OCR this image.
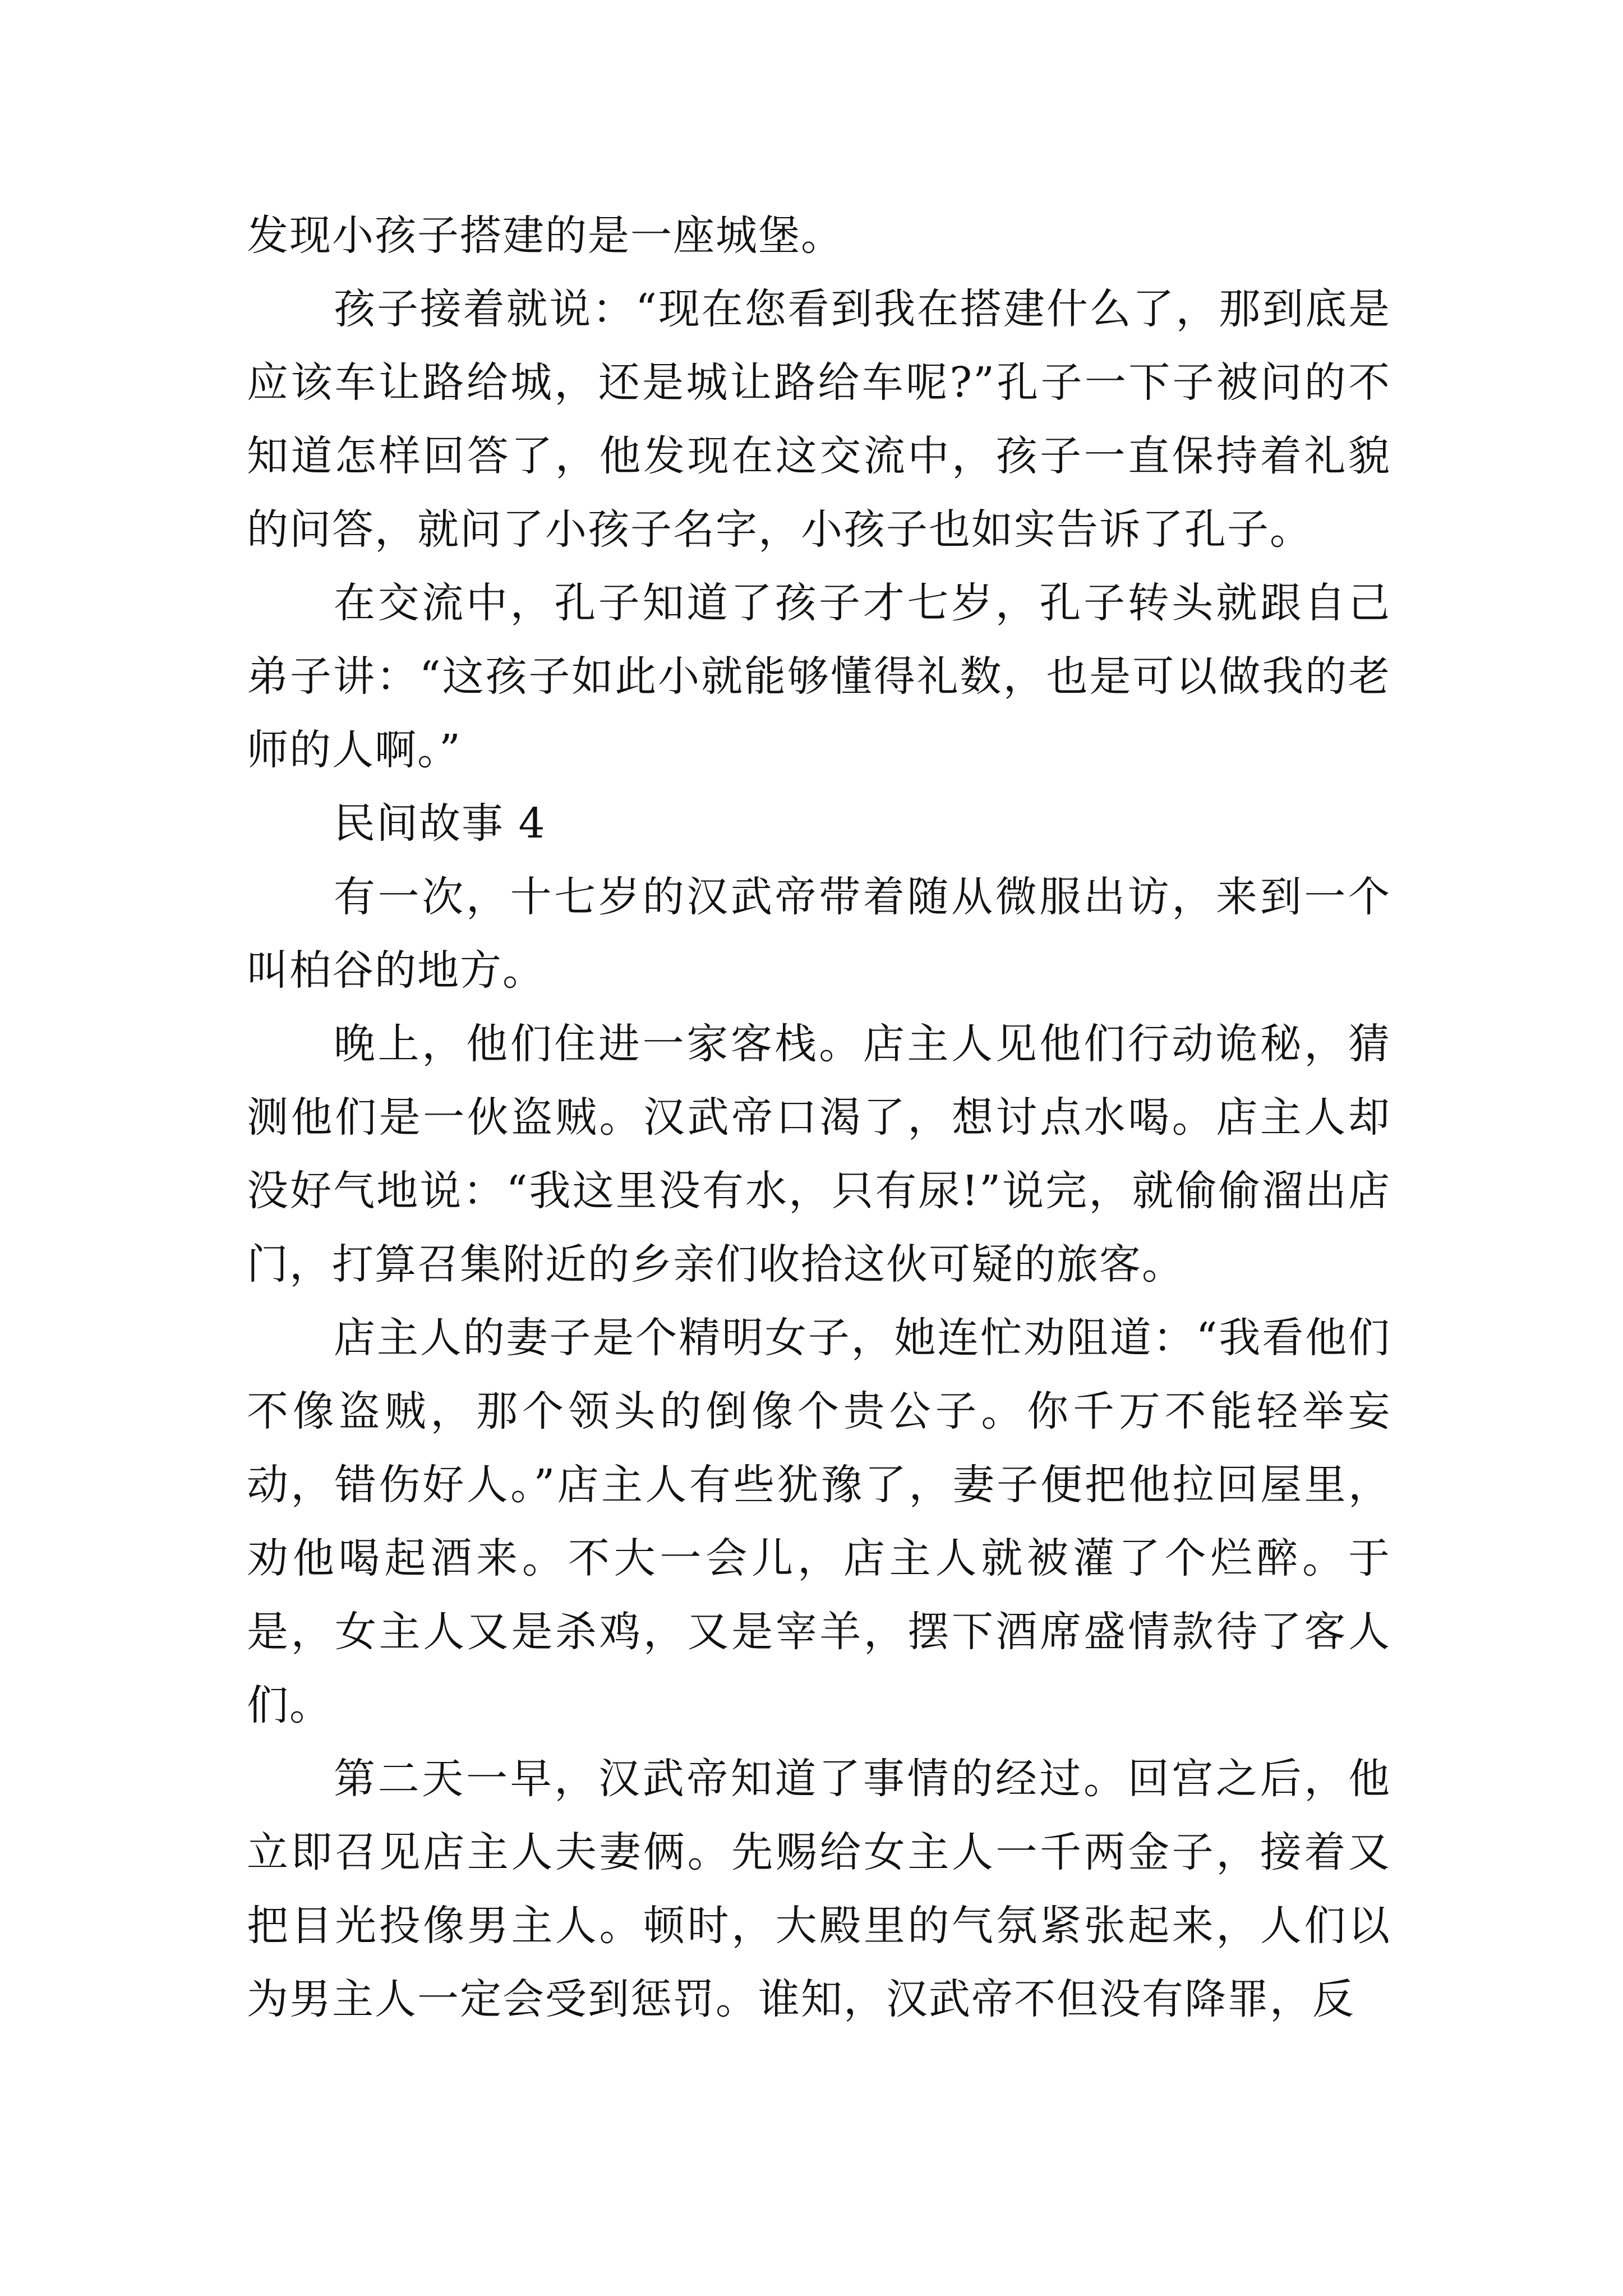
发现小孩子搭建的是一座城堡。

孩子接着就说：“现在您看到我在搭建什么了，那到底是应该车让路给城，还是城让路给车呢?”孔子一下子被问的不知道怎样回答了，他发现在这交流中，孩子一直保持着礼貌的问答，就问了小孩子名字，小孩子也如实告诉了孔子。

在交流中，孔子知道了孩子才七岁，孔子转头就跟自己弟子讲：“这孩子如此小就能够懂得礼数，也是可以做我的老师的人啊。”

民间故事 4

有一次，十七岁的汉武帝带着随从微服出访，来到一个叫柏谷的地方。

晚上，他们住进一家客栈。店主人见他们行动诡秘，猜测他们是一伙盗贼。汉武帝口渴了，想讨点水喝。店主人却没好气地说：“我这里没有水，只有尿!”说完，就偷偷溜出店门，打算召集附近的乡亲们收拾这伙可疑的旅客。

店主人的妻子是个精明女子，她连忙劝阻道：“我看他们不像盗贼，那个领头的倒像个贵公子。你千万不能轻举妄动，错伤好人。”店主人有些犹豫了，妻子便把他拉回屋里，劝他喝起酒来。不大一会儿，店主人就被灌了个烂醉。于是，女主人又是杀鸡，又是宰羊，摆下酒席盛情款待了客人们。

第二天一早，汉武帝知道了事情的经过。回宫之后，他立即召见店主人夫妻俩。先赐给女主人一千两金子，接着又把目光投像男主人。顿时，大殿里的气氛紧张起来，人们以为男主人一定会受到惩罚。谁知，汉武帝不但没有降罪，反
